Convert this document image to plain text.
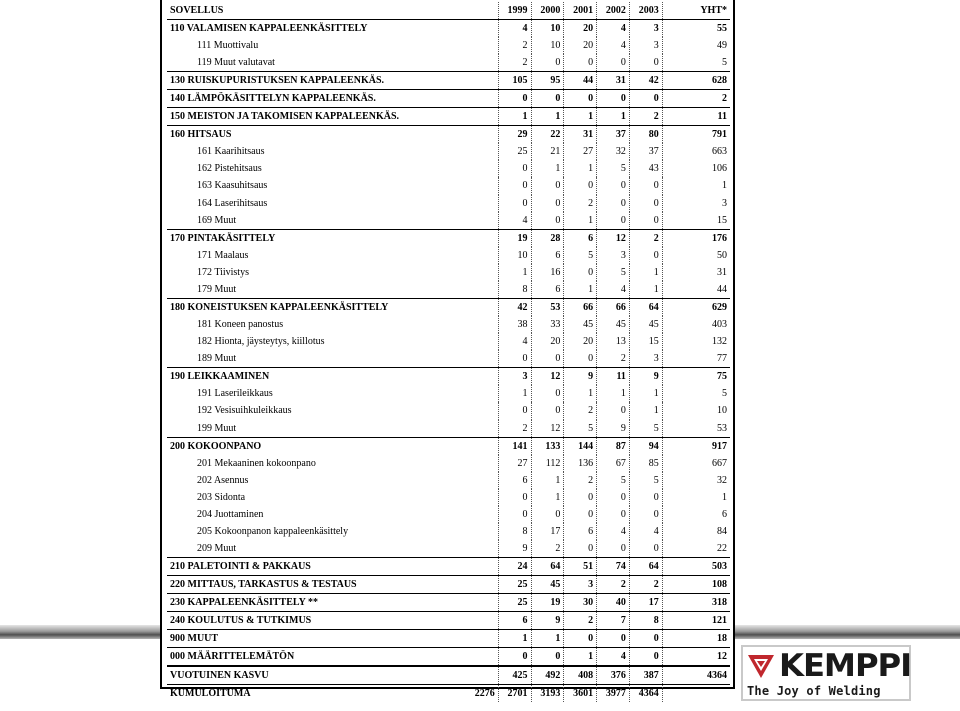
SOVELLUS	1999	2000	2001	2002	2003	YHT*
110 VALAMISEN KAPPALEENKÄSITTELY	4	10	20	4	3	55
111 Muottivalu	2	10	20	4	3	49
119 Muut valutavat	2	0	0	0	0	5
130 RUISKUPURISTUKSEN KAPPALEENKÄS.	105	95	44	31	42	628
140 LÄMPÖKÄSITTELYN KAPPALEENKÄS.	0	0	0	0	0	2
150 MEISTON JA TAKOMISEN KAPPALEENKÄS.	1	1	1	1	2	11
160 HITSAUS	29	22	31	37	80	791
161 Kaarihitsaus	25	21	27	32	37	663
162 Pistehitsaus	0	1	1	5	43	106
163 Kaasuhitsaus	0	0	0	0	0	1
164 Laserihitsaus	0	0	2	0	0	3
169 Muut	4	0	1	0	0	15
170 PINTAKÄSITTELY	19	28	6	12	2	176
171 Maalaus	10	6	5	3	0	50
172 Tiivistys	1	16	0	5	1	31
179 Muut	8	6	1	4	1	44
180 KONEISTUKSEN KAPPALEENKÄSITTELY	42	53	66	66	64	629
181 Koneen panostus	38	33	45	45	45	403
182 Hionta, jäysteytys, kiillotus	4	20	20	13	15	132
189 Muut	0	0	0	2	3	77
190 LEIKKAAMINEN	3	12	9	11	9	75
191 Laserileikkaus	1	0	1	1	1	5
192 Vesisuihkuleikkaus	0	0	2	0	1	10
199 Muut	2	12	5	9	5	53
200 KOKOONPANO	141	133	144	87	94	917
201 Mekaaninen kokoonpano	27	112	136	67	85	667
202 Asennus	6	1	2	5	5	32
203 Sidonta	0	1	0	0	0	1
204 Juottaminen	0	0	0	0	0	6
205 Kokoonpanon kappaleenkäsittely	8	17	6	4	4	84
209 Muut	9	2	0	0	0	22
210 PALETOINTI & PAKKAUS	24	64	51	74	64	503
220 MITTAUS, TARKASTUS & TESTAUS	25	45	3	2	2	108
230 KAPPALEENKÄSITTELY **	25	19	30	40	17	318
240 KOULUTUS & TUTKIMUS	6	9	2	7	8	121
900 MUUT	1	1	0	0	0	18
000 MÄÄRITTELEMÄTÖN	0	0	1	4	0	12
VUOTUINEN KASVU	425	492	408	376	387	4364
KUMULOITUMA 2276	2701	3193	3601	3977	4364	
KEMPPI
The Joy of Welding
